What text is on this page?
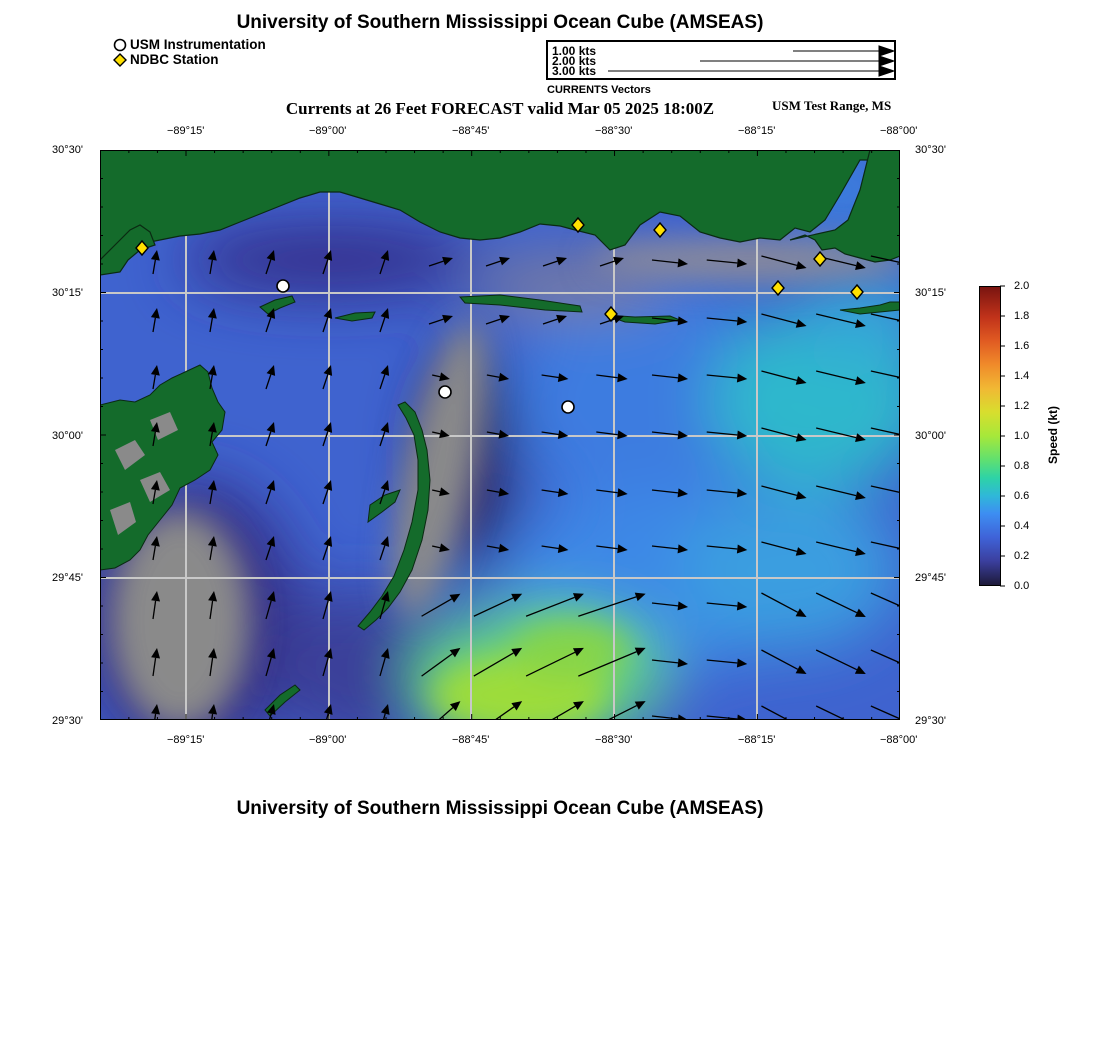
University of Southern Mississippi Ocean Cube (AMSEAS)
USM Instrumentation
NDBC Station
1.00 kts
2.00 kts
3.00 kts
CURRENTS Vectors
Currents at 26 Feet FORECAST valid Mar 05 2025 18:00Z	USM Test Range, MS
−89°15'	−89°00'	−88°45'	−88°30'	−88°15'	−88°00'
−89°15'	−89°00'	−88°45'	−88°30'	−88°15'	−88°00'
30°30'
30°15'
30°00'
29°45'
29°30'
30°30'
30°15'
30°00'
29°45'
29°30'
2.0
1.8
1.6
1.4
1.2
1.0
0.8
0.6
0.4
0.2
0.0
Speed (kt)
University of Southern Mississippi Ocean Cube (AMSEAS)
